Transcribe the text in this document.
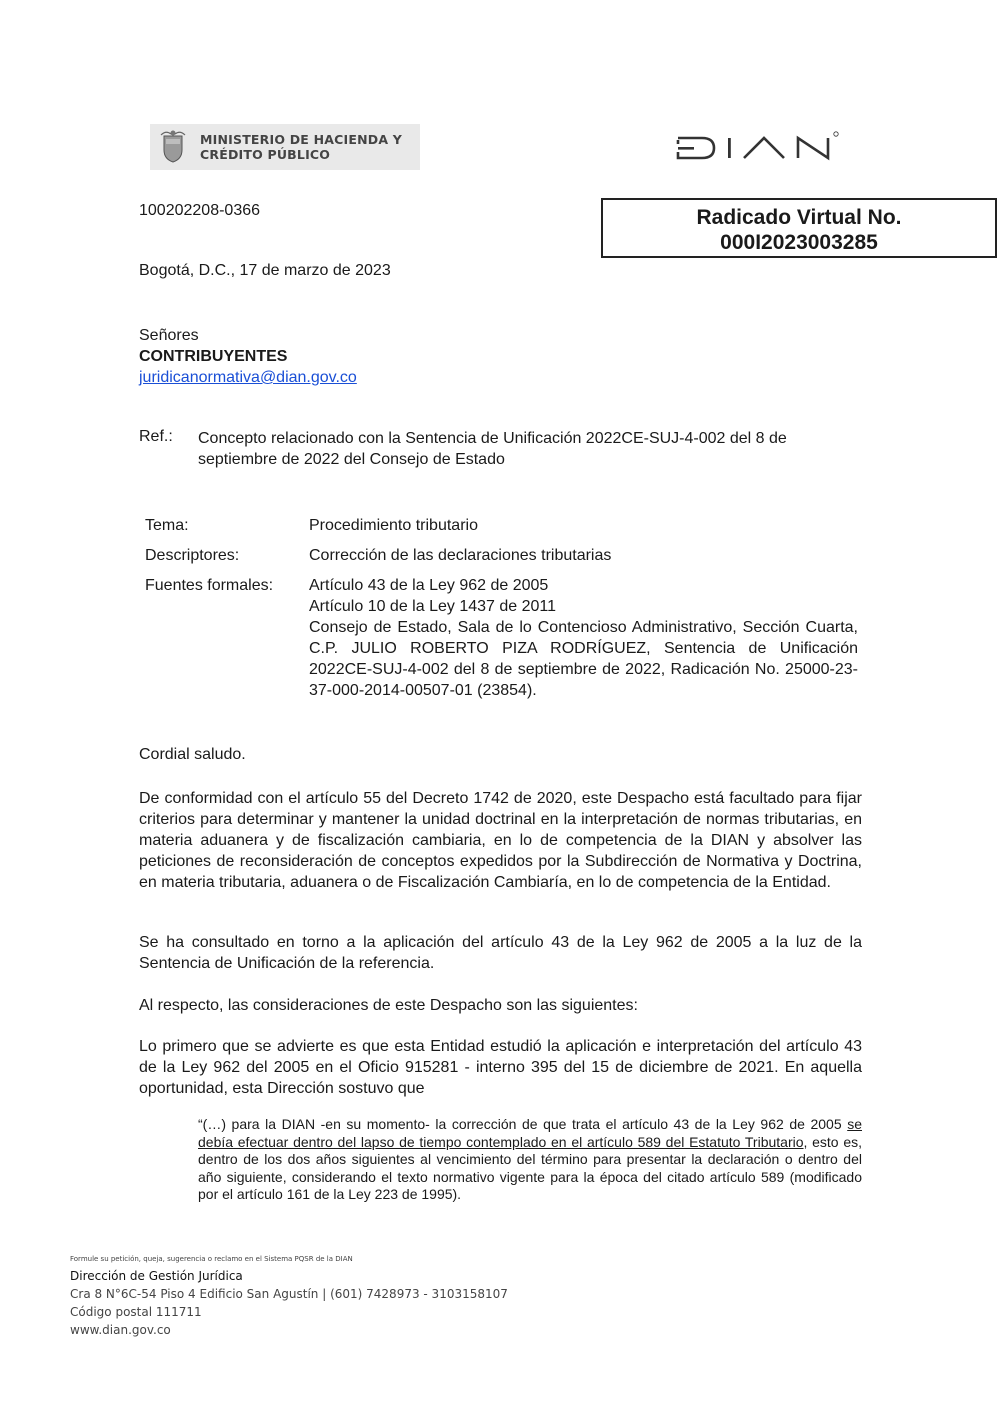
MINISTERIO DE HACIENDA Y
CRÉDITO PÚBLICO
100202208-0366	Radicado Virtual No.
000I2023003285
Bogotá, D.C., 17 de marzo de 2023
Señores
CONTRIBUYENTES
juridicanormativa@dian.gov.co
Ref.: Concepto relacionado con la Sentencia de Unificación 2022CE-SUJ-4-002 del 8 de septiembre de 2022 del Consejo de Estado
Tema:	Procedimiento tributario
Descriptores:	Corrección de las declaraciones tributarias
Fuentes formales: Artículo 43 de la Ley 962 de 2005
Artículo 10 de la Ley 1437 de 2011
Consejo de Estado, Sala de lo Contencioso Administrativo, Sección Cuarta, C.P. JULIO ROBERTO PIZA RODRÍGUEZ, Sentencia de Unificación 2022CE-SUJ-4-002 del 8 de septiembre de 2022, Radicación No. 25000-23-37-000-2014-00507-01 (23854).
Cordial saludo.
De conformidad con el artículo 55 del Decreto 1742 de 2020, este Despacho está facultado para fijar criterios para determinar y mantener la unidad doctrinal en la interpretación de normas tributarias, en materia aduanera y de fiscalización cambiaria, en lo de competencia de la DIAN y absolver las peticiones de reconsideración de conceptos expedidos por la Subdirección de Normativa y Doctrina, en materia tributaria, aduanera o de Fiscalización Cambiaría, en lo de competencia de la Entidad.
Se ha consultado en torno a la aplicación del artículo 43 de la Ley 962 de 2005 a la luz de la Sentencia de Unificación de la referencia.
Al respecto, las consideraciones de este Despacho son las siguientes:
Lo primero que se advierte es que esta Entidad estudió la aplicación e interpretación del artículo 43 de la Ley 962 del 2005 en el Oficio 915281 - interno 395 del 15 de diciembre de 2021. En aquella oportunidad, esta Dirección sostuvo que
“(…) para la DIAN -en su momento- la corrección de que trata el artículo 43 de la Ley 962 de 2005 se debía efectuar dentro del lapso de tiempo contemplado en el artículo 589 del Estatuto Tributario, esto es, dentro de los dos años siguientes al vencimiento del término para presentar la declaración o dentro del año siguiente, considerando el texto normativo vigente para la época del citado artículo 589 (modificado por el artículo 161 de la Ley 223 de 1995).
Formule su petición, queja, sugerencia o reclamo en el Sistema PQSR de la DIAN
Dirección de Gestión Jurídica
Cra 8 N°6C-54 Piso 4 Edificio San Agustín | (601) 7428973 - 3103158107
Código postal 111711
www.dian.gov.co
